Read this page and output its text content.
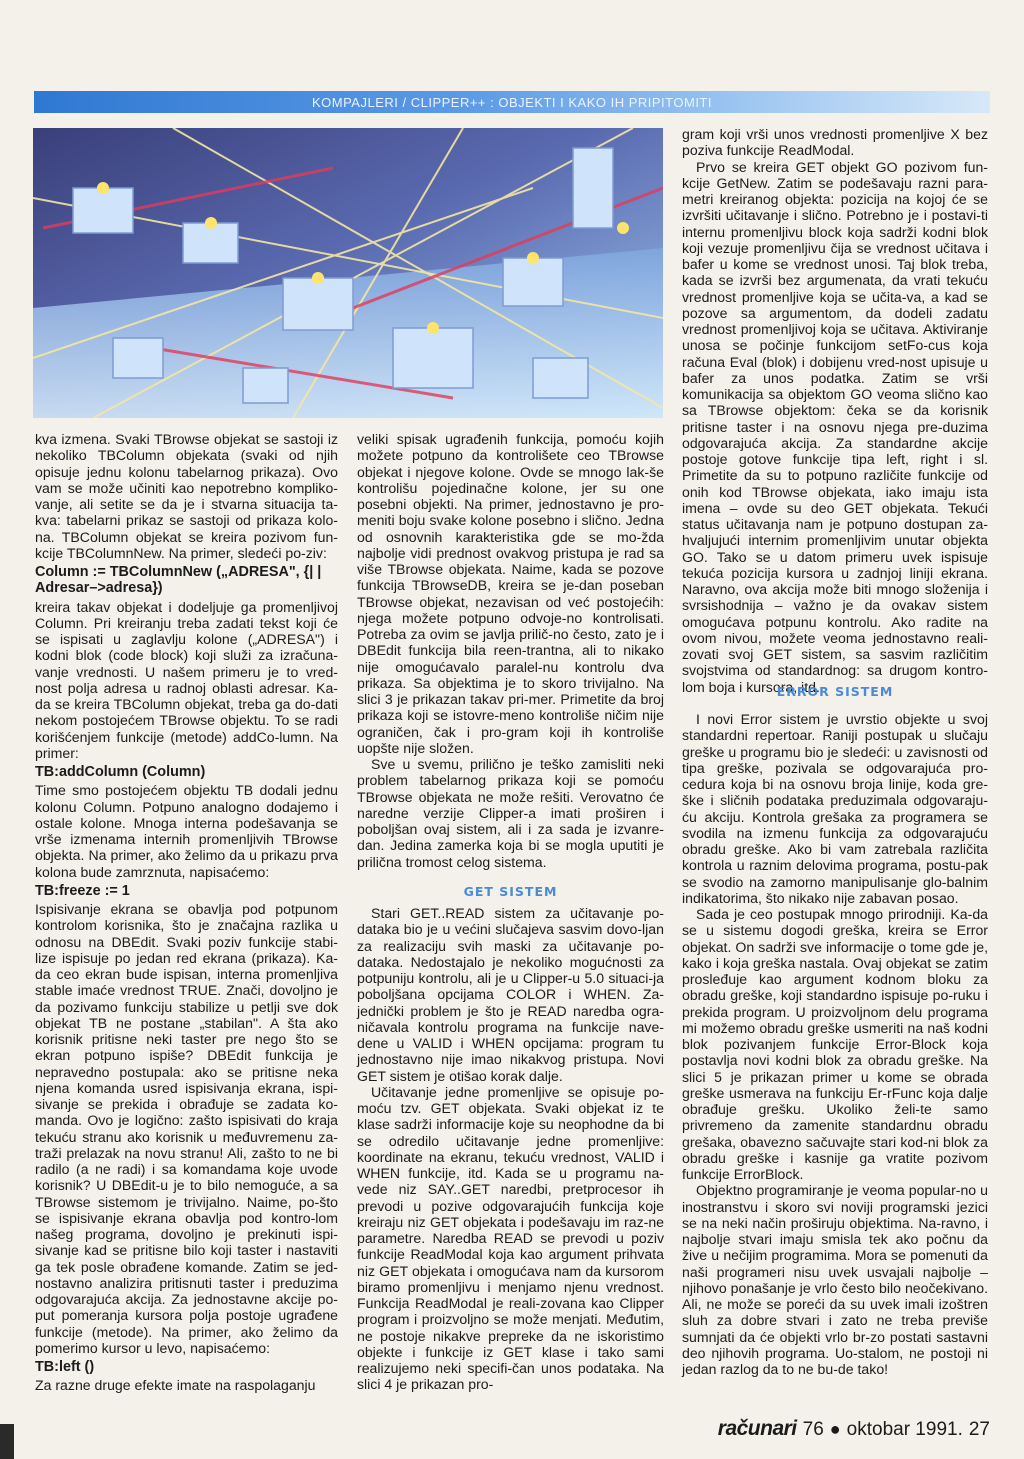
KOMPAJLERI / CLIPPER++ : OBJEKTI I KAKO IH PRIPITOMITI

kva izmena. Svaki TBrowse objekat se sastoji iz nekoliko TBColumn objekata (svaki od njih opisuje jednu kolonu tabelarnog prikaza). Ovo vam se može učiniti kao nepotrebno kompliko-vanje, ali setite se da je i stvarna situacija ta-kva: tabelarni prikaz se sastoji od prikaza kolo-na. TBColumn objekat se kreira pozivom fun-kcije TBColumnNew. Na primer, sledeći po-ziv:

Column := TBColumnNew („ADRESA", {| | Adresar–>adresa})

kreira takav objekat i dodeljuje ga promenljivoj Column. Pri kreiranju treba zadati tekst koji će se ispisati u zaglavlju kolone („ADRESA") i kodni blok (code block) koji služi za izračuna-vanje vrednosti. U našem primeru je to vred-nost polja adresa u radnoj oblasti adresar. Ka-da se kreira TBColumn objekat, treba ga do-dati nekom postojećem TBrowse objektu. To se radi korišćenjem funkcije (metode) addCo-lumn. Na primer:

TB:addColumn (Column)

Time smo postojećem objektu TB dodali jednu kolonu Column. Potpuno analogno dodajemo i ostale kolone. Mnoga interna podešavanja se vrše izmenama internih promenljivih TBrowse objekta. Na primer, ako želimo da u prikazu prva kolona bude zamrznuta, napisaćemo:

TB:freeze := 1

Ispisivanje ekrana se obavlja pod potpunom kontrolom korisnika, što je značajna razlika u odnosu na DBEdit. Svaki poziv funkcije stabi-lize ispisuje po jedan red ekrana (prikaza). Ka-da ceo ekran bude ispisan, interna promenljiva stable imaće vrednost TRUE. Znači, dovoljno je da pozivamo funkciju stabilize u petlji sve dok objekat TB ne postane „stabilan". A šta ako korisnik pritisne neki taster pre nego što se ekran potpuno ispiše? DBEdit funkcija je nepravedno postupala: ako se pritisne neka njena komanda usred ispisivanja ekrana, ispi-sivanje se prekida i obrađuje se zadata ko-manda. Ovo je logično: zašto ispisivati do kraja tekuću stranu ako korisnik u međuvremenu za-traži prelazak na novu stranu! Ali, zašto to ne bi radilo (a ne radi) i sa komandama koje uvode korisnik? U DBEdit-u je to bilo nemoguće, a sa TBrowse sistemom je trivijalno. Naime, po-što se ispisivanje ekrana obavlja pod kontro-lom našeg programa, dovoljno je prekinuti ispi-sivanje kad se pritisne bilo koji taster i nastaviti ga tek posle obrađene komande. Zatim se jed-nostavno analizira pritisnuti taster i preduzima odgovarajuća akcija. Za jednostavne akcije po-put pomeranja kursora polja postoje ugrađene funkcije (metode). Na primer, ako želimo da pomerimo kursor u levo, napisaćemo:

TB:left ()

Za razne druge efekte imate na raspolaganju

veliki spisak ugrađenih funkcija, pomoću kojih možete potpuno da kontrolišete ceo TBrowse objekat i njegove kolone. Ovde se mnogo lak-še kontrolišu pojedinačne kolone, jer su one posebni objekti. Na primer, jednostavno je pro-meniti boju svake kolone posebno i slično. Jedna od osnovnih karakteristika gde se mo-žda najbolje vidi prednost ovakvog pristupa je rad sa više TBrowse objekata. Naime, kada se pozove funkcija TBrowseDB, kreira se je-dan poseban TBrowse objekat, nezavisan od već postojećih: njega možete potpuno odvoje-no kontrolisati. Potreba za ovim se javlja prilič-no često, zato je i DBEdit funkcija bila reen-trantna, ali to nikako nije omogućavalo paralel-nu kontrolu dva prikaza. Sa objektima je to skoro trivijalno. Na slici 3 je prikazan takav pri-mer. Primetite da broj prikaza koji se istovre-meno kontroliše ničim nije ograničen, čak i pro-gram koji ih kontroliše uopšte nije složen.

Sve u svemu, prilično je teško zamisliti neki problem tabelarnog prikaza koji se pomoću TBrowse objekata ne može rešiti. Verovatno će naredne verzije Clipper-a imati proširen i poboljšan ovaj sistem, ali i za sada je izvanre-dan. Jedina zamerka koja bi se mogla uputiti je prilična tromost celog sistema.

GET SISTEM

Stari GET..READ sistem za učitavanje po-dataka bio je u većini slučajeva sasvim dovo-ljan za realizaciju svih maski za učitavanje po-dataka. Nedostajalo je nekoliko mogućnosti za potpuniju kontrolu, ali je u Clipper-u 5.0 situaci-ja poboljšana opcijama COLOR i WHEN. Za-jednički problem je što je READ naredba ogra-ničavala kontrolu programa na funkcije nave-dene u VALID i WHEN opcijama: program tu jednostavno nije imao nikakvog pristupa. Novi GET sistem je otišao korak dalje.

Učitavanje jedne promenljive se opisuje po-moću tzv. GET objekata. Svaki objekat iz te klase sadrži informacije koje su neophodne da bi se odredilo učitavanje jedne promenljive: koordinate na ekranu, tekuću vrednost, VALID i WHEN funkcije, itd. Kada se u programu na-vede niz SAY..GET naredbi, pretprocesor ih prevodi u pozive odgovarajućih funkcija koje kreiraju niz GET objekata i podešavaju im raz-ne parametre. Naredba READ se prevodi u poziv funkcije ReadModal koja kao argument prihvata niz GET objekata i omogućava nam da kursorom biramo promenljivu i menjamo njenu vrednost. Funkcija ReadModal je reali-zovana kao Clipper program i proizvoljno se može menjati. Međutim, ne postoje nikakve prepreke da ne iskoristimo objekte i funkcije iz GET klase i tako sami realizujemo neki specifi-čan unos podataka. Na slici 4 je prikazan pro-

gram koji vrši unos vrednosti promenljive X bez poziva funkcije ReadModal.

Prvo se kreira GET objekt GO pozivom fun-kcije GetNew. Zatim se podešavaju razni para-metri kreiranog objekta: pozicija na kojoj će se izvršiti učitavanje i slično. Potrebno je i postavi-ti internu promenljivu block koja sadrži kodni blok koji vezuje promenljivu čija se vrednost učitava i bafer u kome se vrednost unosi. Taj blok treba, kada se izvrši bez argumenata, da vrati tekuću vrednost promenljive koja se učita-va, a kad se pozove sa argumentom, da dodeli zadatu vrednost promenljivoj koja se učitava. Aktiviranje unosa se počinje funkcijom setFo-cus koja računa Eval (blok) i dobijenu vred-nost upisuje u bafer za unos podatka. Zatim se vrši komunikacija sa objektom GO veoma slično kao sa TBrowse objektom: čeka se da korisnik pritisne taster i na osnovu njega pre-duzima odgovarajuća akcija. Za standardne akcije postoje gotove funkcije tipa left, right i sl. Primetite da su to potpuno različite funkcije od onih kod TBrowse objekata, iako imaju ista imena – ovde su deo GET objekata. Tekući status učitavanja nam je potpuno dostupan za-hvaljujući internim promenljivim unutar objekta GO. Tako se u datom primeru uvek ispisuje tekuća pozicija kursora u zadnjoj liniji ekrana. Naravno, ova akcija može biti mnogo složenija i svrsishodnija – važno je da ovakav sistem omogućava potpunu kontrolu. Ako radite na ovom nivou, možete veoma jednostavno reali-zovati svoj GET sistem, sa sasvim različitim svojstvima od standardnog: sa drugom kontro-lom boja i kursora, itd.

ERROR SISTEM

I novi Error sistem je uvrstio objekte u svoj standardni repertoar. Raniji postupak u slučaju greške u programu bio je sledeći: u zavisnosti od tipa greške, pozivala se odgovarajuća pro-cedura koja bi na osnovu broja linije, koda gre-ške i sličnih podataka preduzimala odgovaraju-ću akciju. Kontrola grešaka za programera se svodila na izmenu funkcija za odgovarajuću obradu greške. Ako bi vam zatrebala različita kontrola u raznim delovima programa, postu-pak se svodio na zamorno manipulisanje glo-balnim indikatorima, što nikako nije zabavan posao.

Sada je ceo postupak mnogo prirodniji. Ka-da se u sistemu dogodi greška, kreira se Error objekat. On sadrži sve informacije o tome gde je, kako i koja greška nastala. Ovaj objekat se zatim prosleđuje kao argument kodnom bloku za obradu greške, koji standardno ispisuje po-ruku i prekida program. U proizvoljnom delu programa mi možemo obradu greške usmeriti na naš kodni blok pozivanjem funkcije Error-Block koja postavlja novi kodni blok za obradu greške. Na slici 5 je prikazan primer u kome se obrada greške usmerava na funkciju Er-rFunc koja dalje obrađuje grešku. Ukoliko želi-te samo privremeno da zamenite standardnu obradu grešaka, obavezno sačuvajte stari kod-ni blok za obradu greške i kasnije ga vratite pozivom funkcije ErrorBlock.

Objektno programiranje je veoma popular-no u inostranstvu i skoro svi noviji programski jezici se na neki način proširuju objektima. Na-ravno, i najbolje stvari imaju smisla tek ako počnu da žive u nečijim programima. Mora se pomenuti da naši programeri nisu uvek usvajali najbolje – njihovo ponašanje je vrlo često bilo neočekivano. Ali, ne može se poreći da su uvek imali izoštren sluh za dobre stvari i zato ne treba previše sumnjati da će objekti vrlo br-zo postati sastavni deo njihovih programa. Uo-stalom, ne postoji ni jedan razlog da to ne bu-de tako!

računari 76 ● oktobar 1991. 27
